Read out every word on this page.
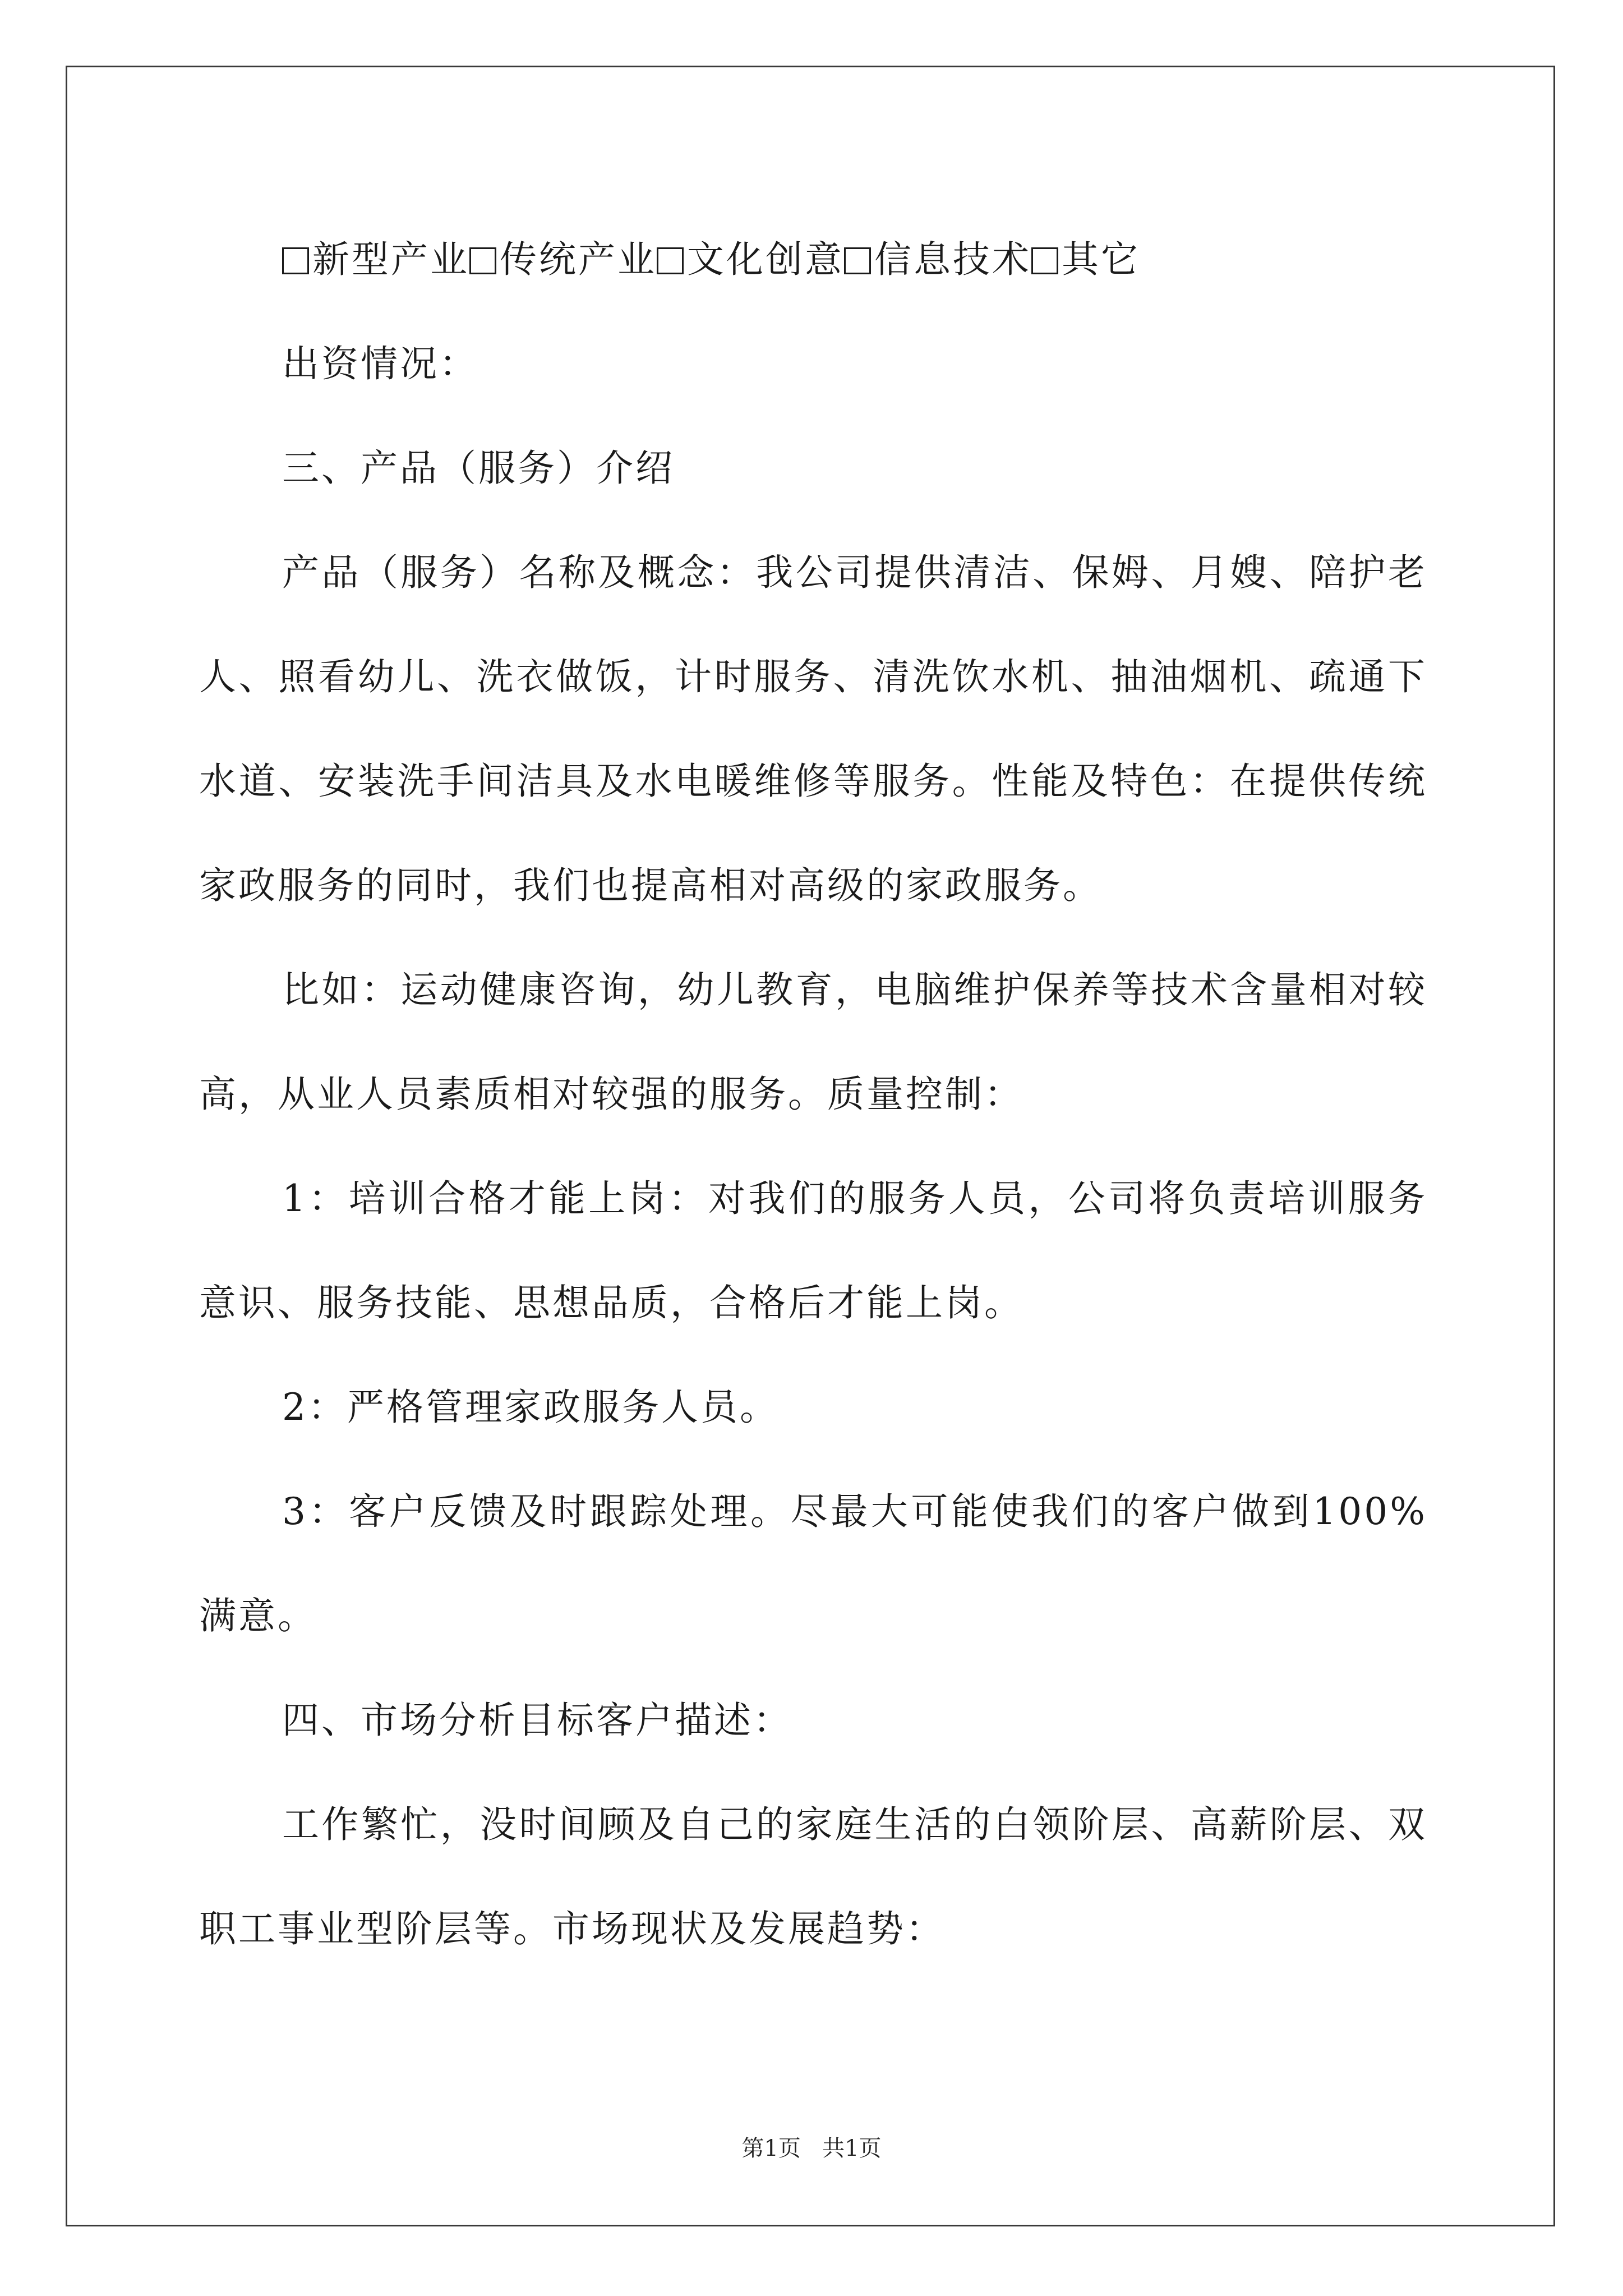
新型产业 传统产业 文化创意 信息技术 其它

出资情况：

三、产品（服务）介绍

产品（服务）名称及概念：我公司提供清洁、保姆、月嫂、陪护老人、照看幼儿、洗衣做饭，计时服务、清洗饮水机、抽油烟机、疏通下水道、安装洗手间洁具及水电暖维修等服务。性能及特色：在提供传统家政服务的同时，我们也提高相对高级的家政服务。

比如：运动健康咨询，幼儿教育，电脑维护保养等技术含量相对较高，从业人员素质相对较强的服务。质量控制：

1：培训合格才能上岗：对我们的服务人员，公司将负责培训服务意识、服务技能、思想品质，合格后才能上岗。

2：严格管理家政服务人员。

3：客户反馈及时跟踪处理。尽最大可能使我们的客户做到100%满意。

四、市场分析目标客户描述：

工作繁忙，没时间顾及自己的家庭生活的白领阶层、高薪阶层、双职工事业型阶层等。市场现状及发展趋势：

第1页 共1页
